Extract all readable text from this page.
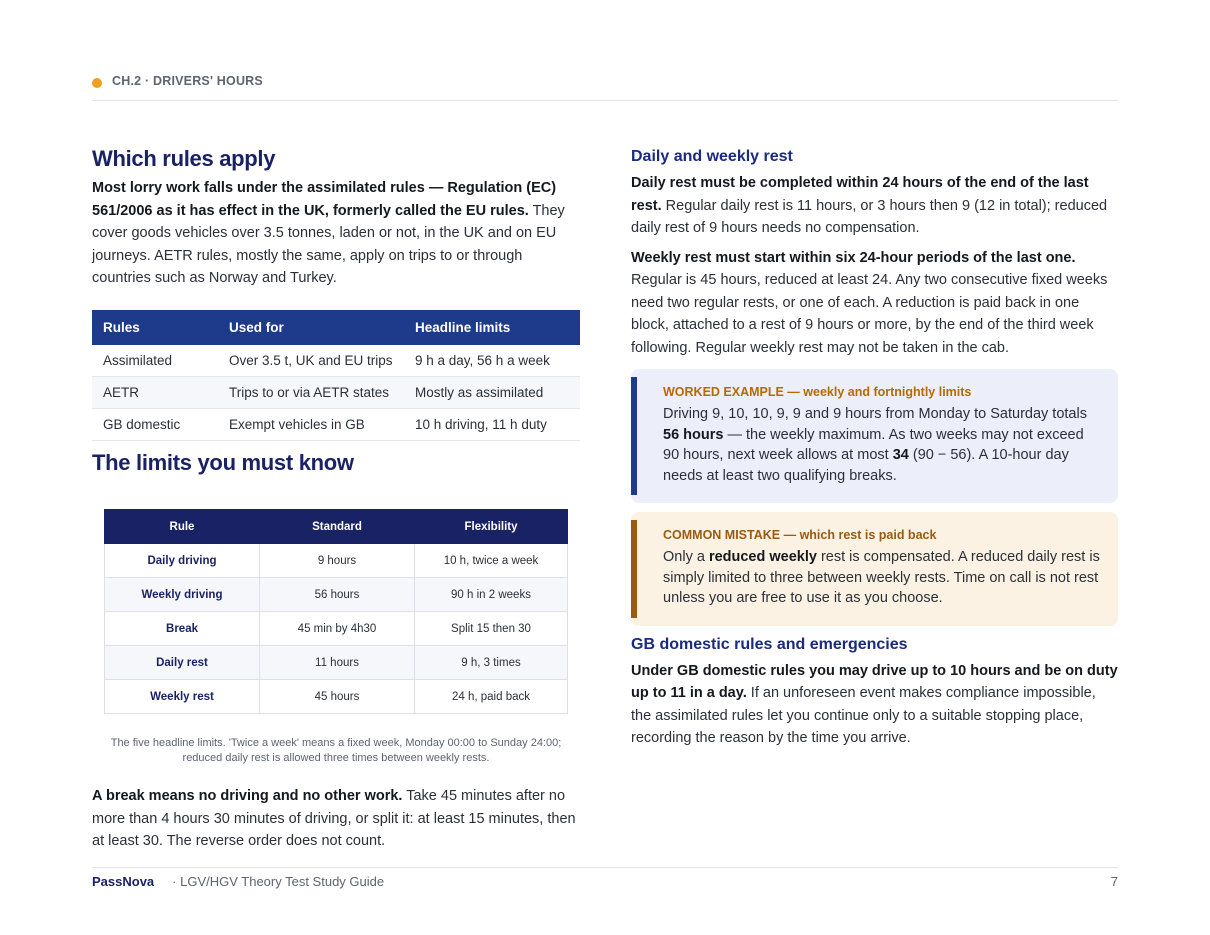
CH.2 · DRIVERS' HOURS
Which rules apply

Most lorry work falls under the assimilated rules — Regulation (EC) 561/2006 as it has effect in the UK, formerly called the EU rules. They cover goods vehicles over 3.5 tonnes, laden or not, in the UK and on EU journeys. AETR rules, mostly the same, apply on trips to or through countries such as Norway and Turkey.

Rules	Used for	Headline limits
Assimilated	Over 3.5 t, UK and EU trips	9 h a day, 56 h a week
AETR	Trips to or via AETR states	Mostly as assimilated
GB domestic	Exempt vehicles in GB	10 h driving, 11 h duty
The limits you must know
Rule	Standard	Flexibility
Daily driving	9 hours	10 h, twice a week
Weekly driving	56 hours	90 h in 2 weeks
Break	45 min by 4h30	Split 15 then 30
Daily rest	11 hours	9 h, 3 times
Weekly rest	45 hours	24 h, paid back

The five headline limits. 'Twice a week' means a fixed week, Monday 00:00 to Sunday 24:00; reduced daily rest is allowed three times between weekly rests.

A break means no driving and no other work. Take 45 minutes after no more than 4 hours 30 minutes of driving, or split it: at least 15 minutes, then at least 30. The reverse order does not count.

Daily and weekly rest

Daily rest must be completed within 24 hours of the end of the last rest. Regular daily rest is 11 hours, or 3 hours then 9 (12 in total); reduced daily rest of 9 hours needs no compensation.

Weekly rest must start within six 24-hour periods of the last one. Regular is 45 hours, reduced at least 24. Any two consecutive fixed weeks need two regular rests, or one of each. A reduction is paid back in one block, attached to a rest of 9 hours or more, by the end of the third week following. Regular weekly rest may not be taken in the cab.

WORKED EXAMPLE — weekly and fortnightly limits
Driving 9, 10, 10, 9, 9 and 9 hours from Monday to Saturday totals 56 hours — the weekly maximum. As two weeks may not exceed 90 hours, next week allows at most 34 (90 − 56). A 10-hour day needs at least two qualifying breaks.
COMMON MISTAKE — which rest is paid back
Only a reduced weekly rest is compensated. A reduced daily rest is simply limited to three between weekly rests. Time on call is not rest unless you are free to use it as you choose.
GB domestic rules and emergencies

Under GB domestic rules you may drive up to 10 hours and be on duty up to 11 in a day. If an unforeseen event makes compliance impossible, the assimilated rules let you continue only to a suitable stopping place, recording the reason by the time you arrive.

PassNova · LGV/HGV Theory Test Study Guide	7
